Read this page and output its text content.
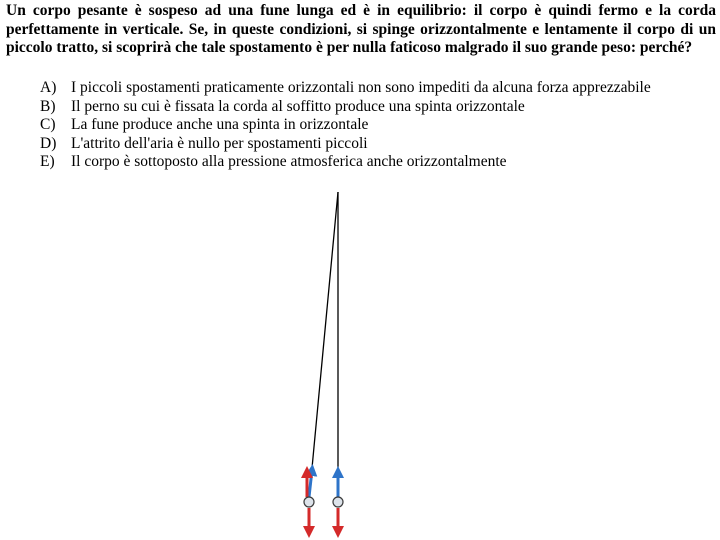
Un corpo pesante è sospeso ad una fune lunga ed è in equilibrio: il corpo è quindi fermo e la corda perfettamente in verticale. Se, in queste condizioni, si spinge orizzontalmente e lentamente il corpo di un piccolo tratto, si scoprirà che tale spostamento è per nulla faticoso malgrado il suo grande peso: perché?
A) I piccoli spostamenti praticamente orizzontali non sono impediti da alcuna forza apprezzabile
B)	Il perno su cui è fissata la corda al soffitto produce una spinta orizzontale
C)	La fune produce anche una spinta in orizzontale
D) L'attrito dell'aria è nullo per spostamenti piccoli
E)	Il corpo è sottoposto alla pressione atmosferica anche orizzontalmente
